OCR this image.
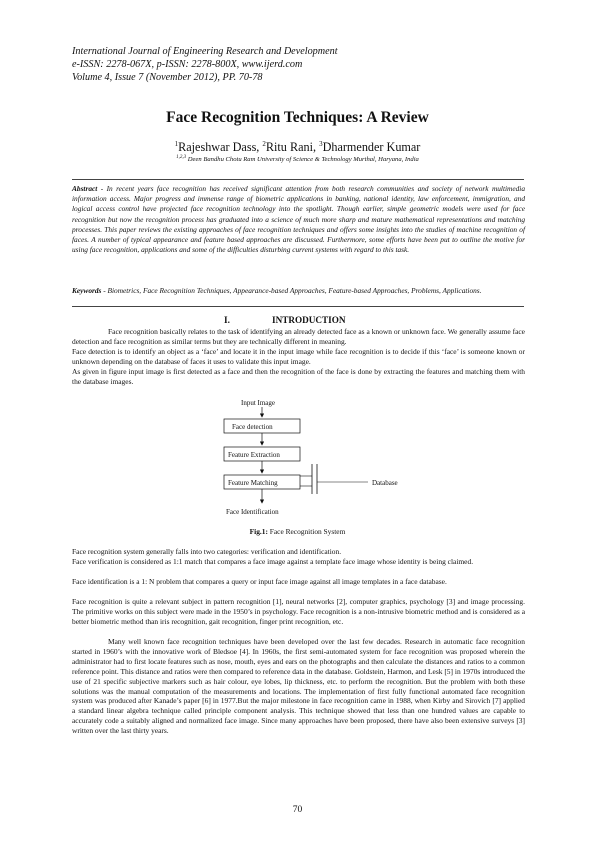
International Journal of Engineering Research and Development
e-ISSN: 2278-067X, p-ISSN: 2278-800X, www.ijerd.com
Volume 4, Issue 7 (November 2012), PP. 70-78
Face Recognition Techniques: A Review
$^1$Rajeshwar Dass, $^2$Ritu Rani, $^3$Dharmender Kumar
$^{1,2,3}$ Deen Bandhu Chotu Ram University of Science & Technology Murthal, Haryana, India
Abstract - In recent years face recognition has received significant attention from both research communities and society of network multimedia information access. Major progress and immense range of biometric applications in banking, national identity, law enforcement, immigration, and logical access control have projected face recognition technology into the spotlight. Though earlier, simple geometric models were used for face recognition but now the recognition process has graduated into a science of much more sharp and mature mathematical representations and matching processes. This paper reviews the existing approaches of face recognition techniques and offers some insights into the studies of machine recognition of faces. A number of typical appearance and feature based approaches are discussed. Furthermore, some efforts have been put to outline the motive for using face recognition, applications and some of the difficulties disturbing current systems with regard to this task.
Keywords - Biometrics, Face Recognition Techniques, Appearance-based Approaches, Feature-based Approaches, Problems, Applications.
I.	INTRODUCTION
Face recognition basically relates to the task of identifying an already detected face as a known or unknown face. We generally assume face detection and face recognition as similar terms but they are technically different in meaning.
Face detection is to identify an object as a ‘face’ and locate it in the input image while face recognition is to decide if this ‘face’ is someone known or unknown depending on the database of faces it uses to validate this input image.
As given in figure input image is first detected as a face and then the recognition of the face is done by extracting the features and matching them with the database images.
Input Image
Face detection
Feature Extraction
Feature Matching	Database
Face Identification
Fig.1: Face Recognition System
Face recognition system generally falls into two categories: verification and identification.
Face verification is considered as 1:1 match that compares a face image against a template face image whose identity is being claimed.
Face identification is a 1: N problem that compares a query or input face image against all image templates in a face database.
Face recognition is quite a relevant subject in pattern recognition [1], neural networks [2], computer graphics, psychology [3] and image processing. The primitive works on this subject were made in the 1950’s in psychology. Face recognition is a non-intrusive biometric method and is considered as a better biometric method than iris recognition, gait recognition, finger print recognition, etc.
Many well known face recognition techniques have been developed over the last few decades. Research in automatic face recognition started in 1960’s with the innovative work of Bledsoe [4]. In 1960s, the first semi-automated system for face recognition was proposed wherein the administrator had to first locate features such as nose, mouth, eyes and ears on the photographs and then calculate the distances and ratios to a common reference point. This distance and ratios were then compared to reference data in the database. Goldstein, Harmon, and Lesk [5] in 1970s introduced the use of 21 specific subjective markers such as hair colour, eye lobes, lip thickness, etc. to perform the recognition. But the problem with both these solutions was the manual computation of the measurements and locations. The implementation of first fully functional automated face recognition system was produced after Kanade’s paper [6] in 1977.But the major milestone in face recognition came in 1988, when Kirby and Sirovich [7] applied a standard linear algebra technique called principle component analysis. This technique showed that less than one hundred values are capable to accurately code a suitably aligned and normalized face image. Since many approaches have been proposed, there have also been extensive surveys [3] written over the last thirty years.
70
